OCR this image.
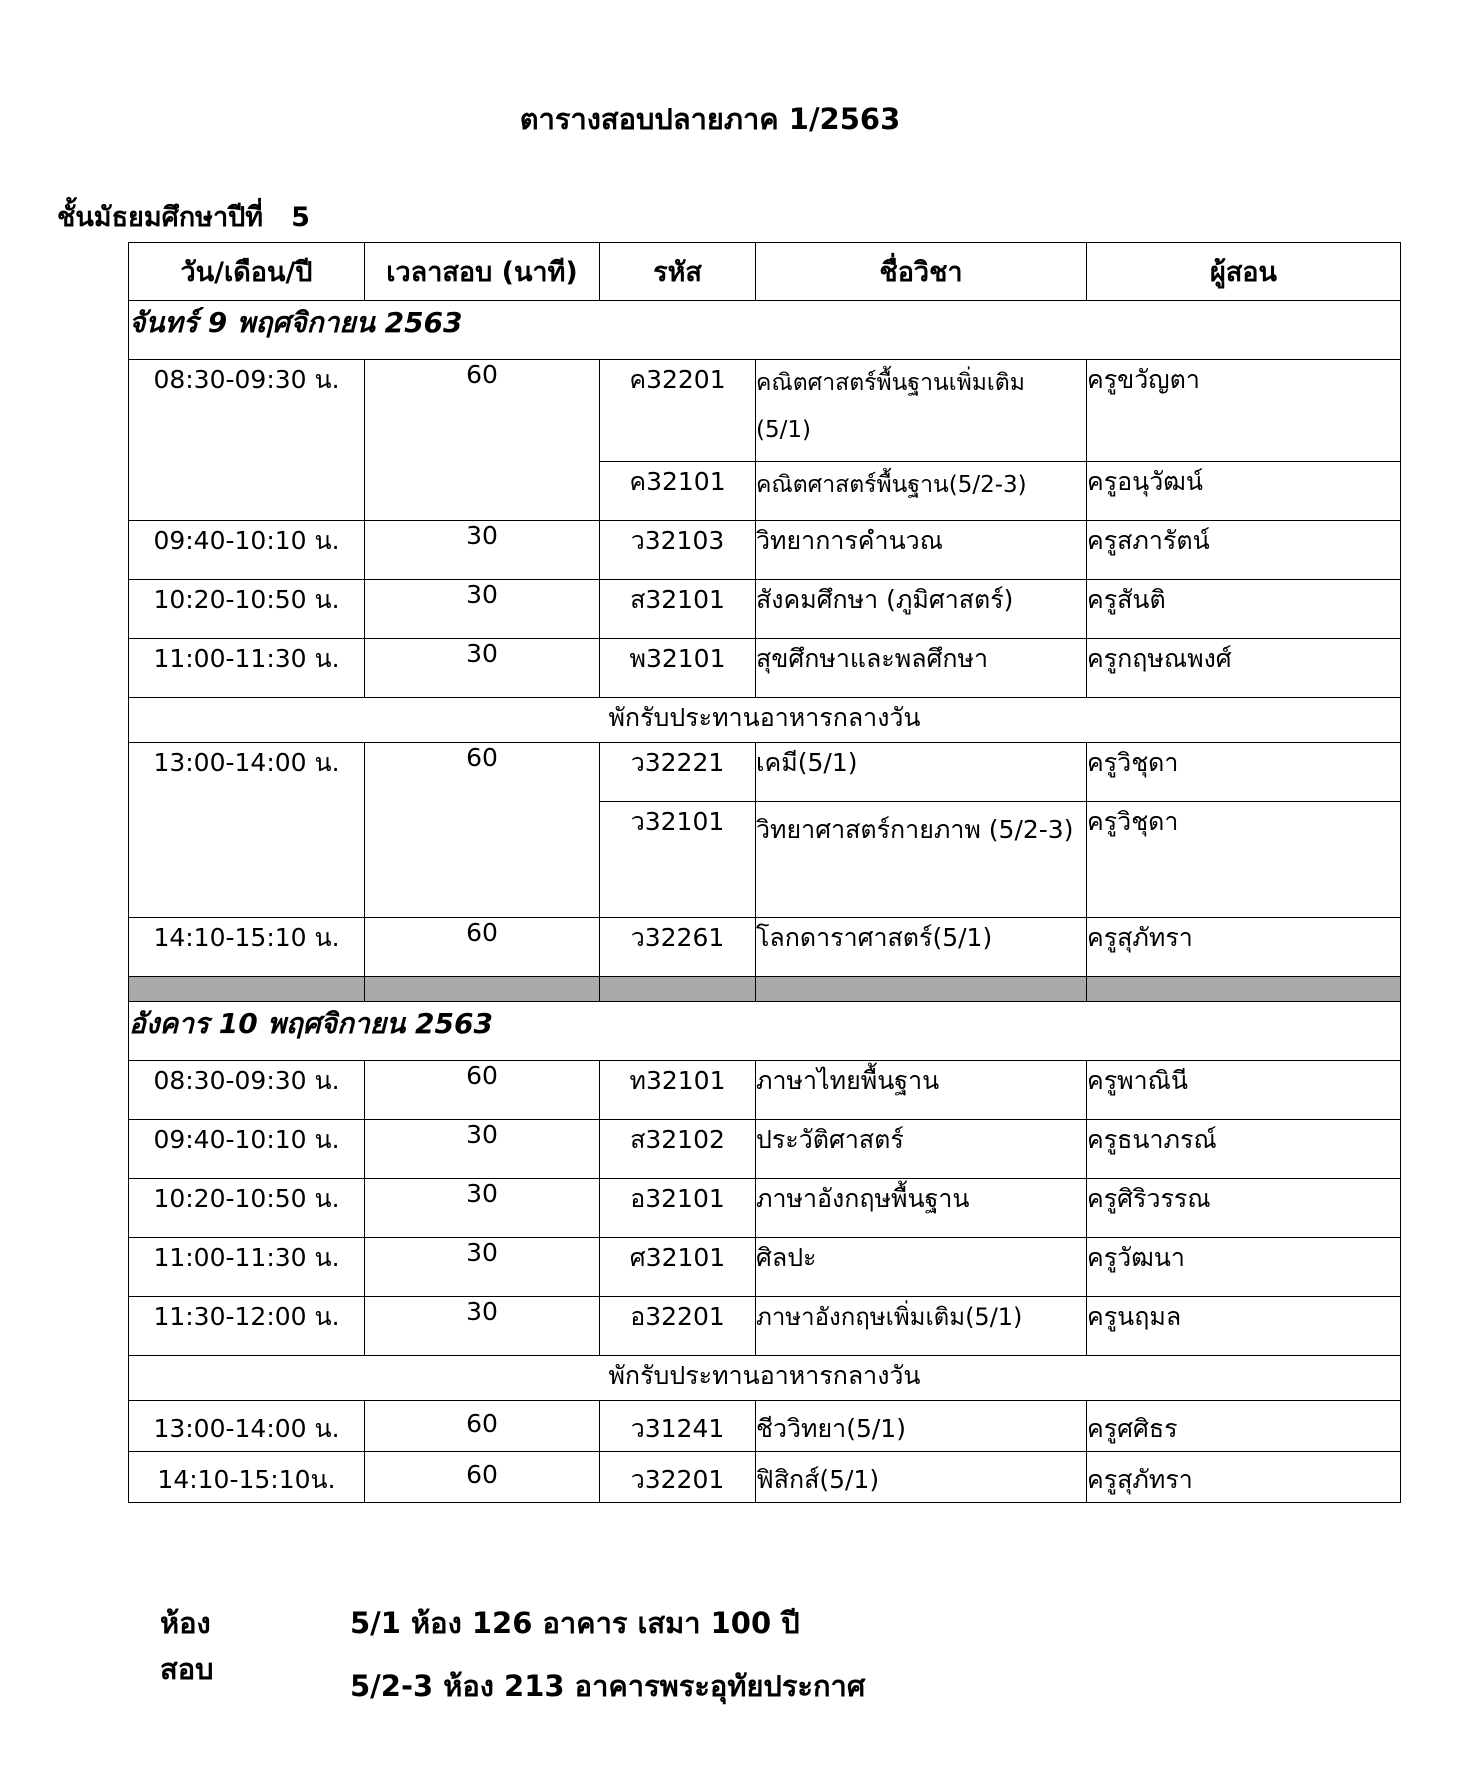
ตารางสอบปลายภาค 1/2563
ชั้นมัธยมศึกษาปีที่ 5
วัน/เดือน/ปี	เวลาสอบ (นาที)	รหัส	ชื่อวิชา	ผู้สอน
จันทร์ 9 พฤศจิกายน 2563				
08:30-09:30 น.	60	ค32201	คณิตศาสตร์พื้นฐานเพิ่มเติม (5/1)	ครูขวัญตา
		ค32101	คณิตศาสตร์พื้นฐาน(5/2-3)	ครูอนุวัฒน์
09:40-10:10 น.	30	ว32103	วิทยาการคำนวณ	ครูสภารัตน์
10:20-10:50 น.	30	ส32101	สังคมศึกษา (ภูมิศาสตร์)	ครูสันติ
11:00-11:30 น.	30	พ32101	สุขศึกษาและพลศึกษา	ครูกฤษณพงศ์
พักรับประทานอาหารกลางวัน				
13:00-14:00 น.	60	ว32221	เคมี(5/1)	ครูวิชุดา
		ว32101	วิทยาศาสตร์กายภาพ (5/2-3)	ครูวิชุดา
14:10-15:10 น.	60	ว32261	โลกดาราศาสตร์(5/1)	ครูสุภัทรา

อังคาร 10 พฤศจิกายน 2563				
08:30-09:30 น.	60	ท32101	ภาษาไทยพื้นฐาน	ครูพาณินี
09:40-10:10 น.	30	ส32102	ประวัติศาสตร์	ครูธนาภรณ์
10:20-10:50 น.	30	อ32101	ภาษาอังกฤษพื้นฐาน	ครูศิริวรรณ
11:00-11:30 น.	30	ศ32101	ศิลปะ	ครูวัฒนา
11:30-12:00 น.	30	อ32201	ภาษาอังกฤษเพิ่มเติม(5/1)	ครูนฤมล
พักรับประทานอาหารกลางวัน				
13:00-14:00 น.	60	ว31241	ชีววิทยา(5/1)	ครูศศิธร
14:10-15:10น.	60	ว32201	ฟิสิกส์(5/1)	ครูสุภัทรา
ห้องสอบ
5/1 ห้อง 126 อาคาร เสมา 100 ปี
5/2-3 ห้อง 213 อาคารพระอุทัยประกาศ
